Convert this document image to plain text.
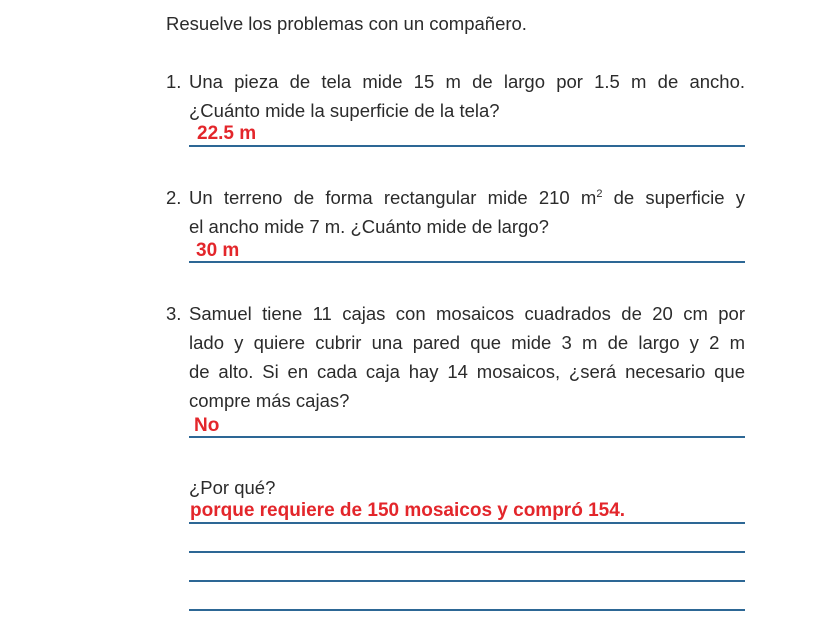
Resuelve los problemas con un compañero.
1. Una pieza de tela mide 15 m de largo por 1.5 m de ancho.
¿Cuánto mide la superficie de la tela?
22.5 m
2. Un terreno de forma rectangular mide 210 $m^2$ de superficie y
el ancho mide 7 m. ¿Cuánto mide de largo?
30 m
3. Samuel tiene 11 cajas con mosaicos cuadrados de 20 cm por
lado y quiere cubrir una pared que mide 3 m de largo y 2 m
de alto. Si en cada caja hay 14 mosaicos, ¿será necesario que
compre más cajas?
No
¿Por qué?
porque requiere de 150 mosaicos y compró 154.
